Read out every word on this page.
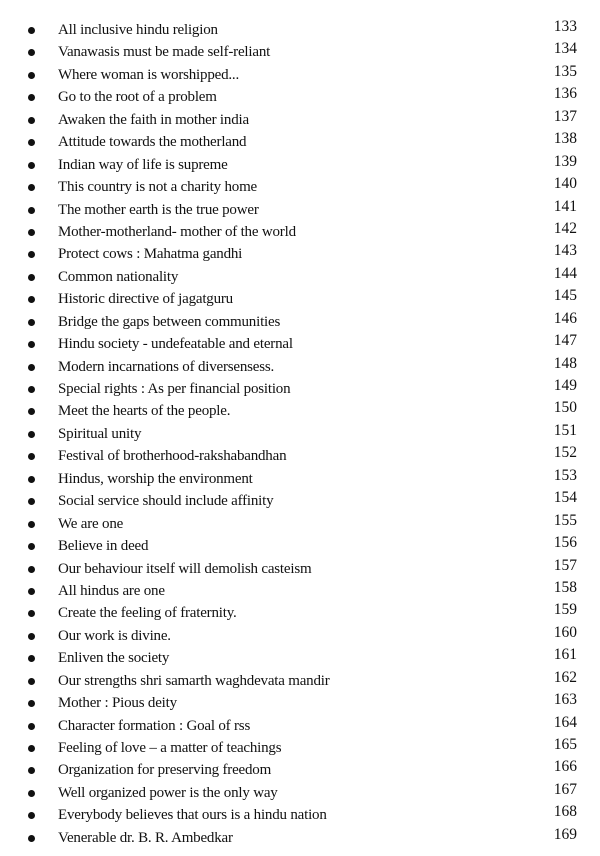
All inclusive hindu religion	133
Vanawasis must be made self-reliant	134
Where woman is worshipped...	135
Go to the root of a problem	136
Awaken the faith in mother india	137
Attitude towards the motherland	138
Indian way of life is supreme	139
This country is not a charity home	140
The mother earth is the true power	141
Mother-motherland- mother of the world	142
Protect cows : Mahatma gandhi	143
Common nationality	144
Historic directive of jagatguru	145
Bridge the gaps between communities	146
Hindu society - undefeatable and eternal	147
Modern incarnations of diversensess.	148
Special rights : As per financial position	149
Meet the hearts of the people.	150
Spiritual unity	151
Festival of brotherhood-rakshabandhan	152
Hindus, worship the environment	153
Social service should include affinity	154
We are one	155
Believe in deed	156
Our behaviour itself will demolish casteism	157
All hindus are one	158
Create the feeling of fraternity.	159
Our work is divine.	160
Enliven the society	161
Our strengths shri samarth waghdevata mandir	162
Mother : Pious deity	163
Character formation : Goal of rss	164
Feeling of love – a matter of teachings	165
Organization for preserving freedom	166
Well organized power is the only way	167
Everybody believes that ours is a hindu nation	168
Venerable dr. B. R. Ambedkar	169
